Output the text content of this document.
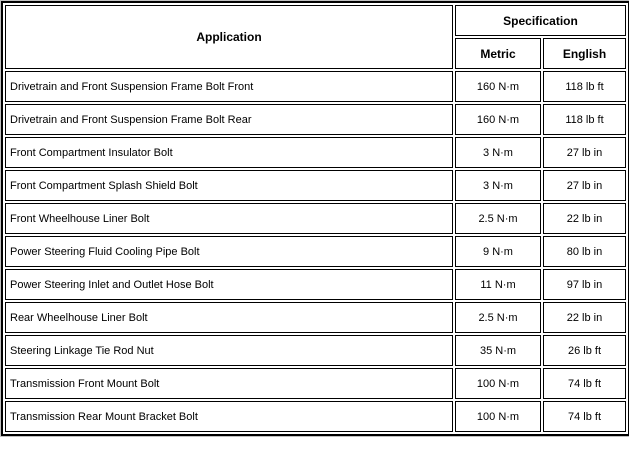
Application	Specification	
	Metric	English
Drivetrain and Front Suspension Frame Bolt Front	160 N·m	118 lb ft
Drivetrain and Front Suspension Frame Bolt Rear	160 N·m	118 lb ft
Front Compartment Insulator Bolt	3 N·m	27 lb in
Front Compartment Splash Shield Bolt	3 N·m	27 lb in
Front Wheelhouse Liner Bolt	2.5 N·m	22 lb in
Power Steering Fluid Cooling Pipe Bolt	9 N·m	80 lb in
Power Steering Inlet and Outlet Hose Bolt	11 N·m	97 lb in
Rear Wheelhouse Liner Bolt	2.5 N·m	22 lb in
Steering Linkage Tie Rod Nut	35 N·m	26 lb ft
Transmission Front Mount Bolt	100 N·m	74 lb ft
Transmission Rear Mount Bracket Bolt	100 N·m	74 lb ft
